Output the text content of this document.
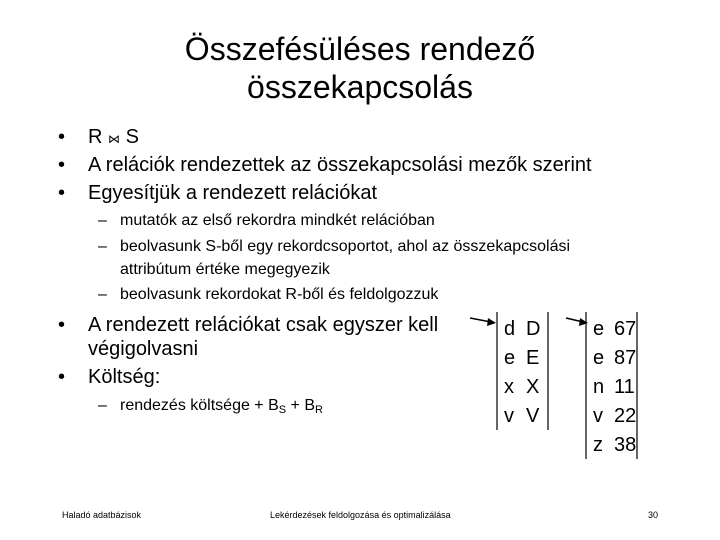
Összefésüléses rendező
összekapcsolás
• R ⋈ S
• A relációk rendezettek az összekapcsolási mezők szerint
• Egyesítjük a rendezett relációkat
– mutatók az első rekordra mindkét relációban
– beolvasunk S-ből egy rekordcsoportot, ahol az összekapcsolási
attribútum értéke megegyezik
– beolvasunk rekordokat R-ből és feldolgozzuk
• A rendezett relációkat csak egyszer kell
végigolvasni
• Költség:
– rendezés költsége + $B_S + B_R$
d D
e E
x X
v V
e 67
e 87
n 11
v 22
z 38
Haladó adatbázisok	Lekérdezések feldolgozása és optimalizálása	30
